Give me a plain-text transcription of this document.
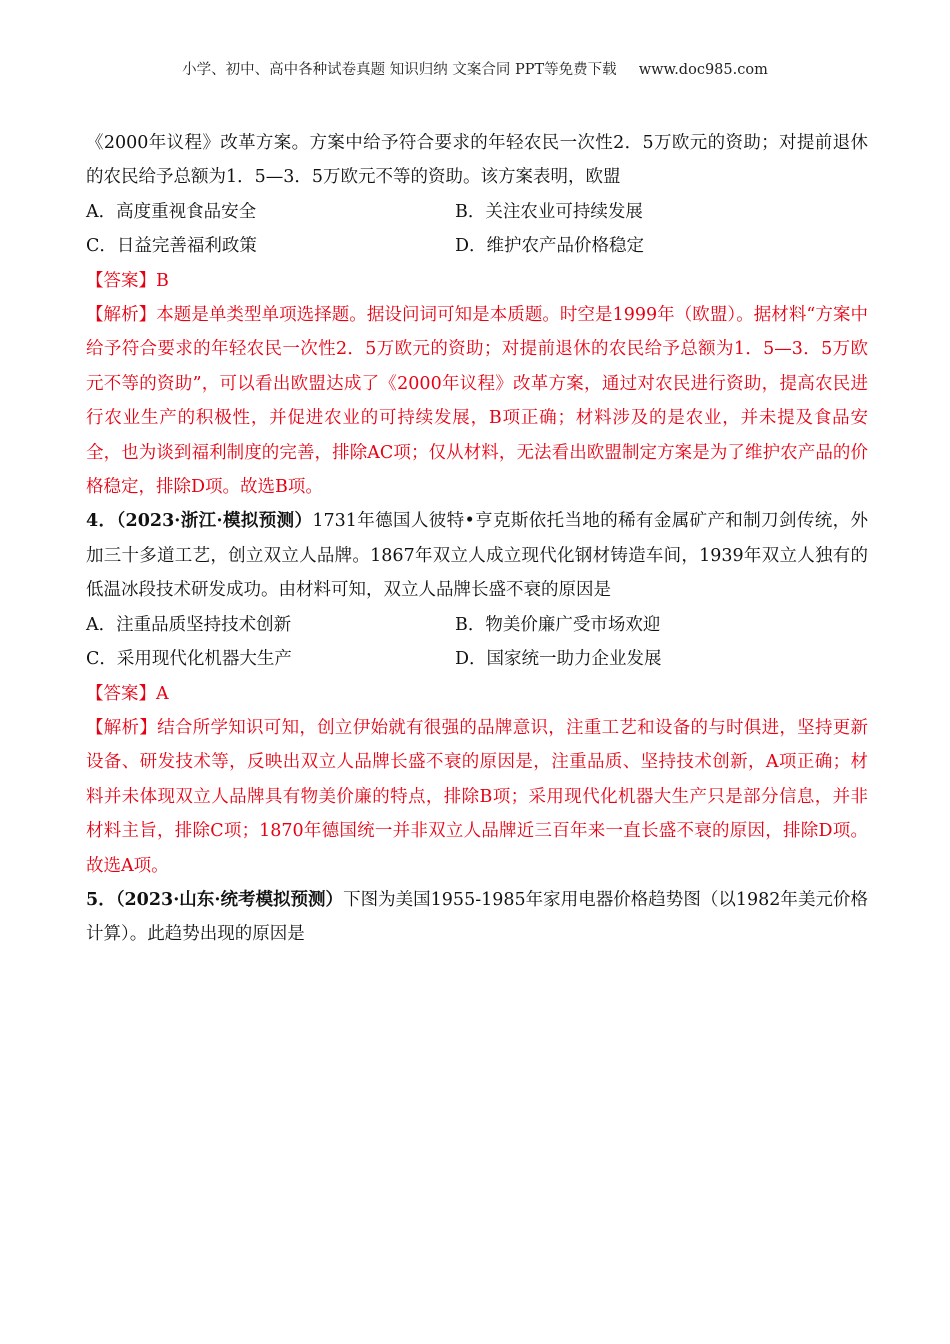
小学、初中、高中各种试卷真题 知识归纳 文案合同 PPT等免费下载 www.doc985.com

《2000年议程》改革方案。方案中给予符合要求的年轻农民一次性2．5万欧元的资助；对提前退休的农民给予总额为1．5—3．5万欧元不等的资助。该方案表明，欧盟

A．高度重视食品安全	B．关注农业可持续发展
C．日益完善福利政策	D．维护农产品价格稳定

【答案】B

【解析】本题是单类型单项选择题。据设问词可知是本质题。时空是1999年（欧盟）。据材料“方案中给予符合要求的年轻农民一次性2．5万欧元的资助；对提前退休的农民给予总额为1．5—3．5万欧元不等的资助”，可以看出欧盟达成了《2000年议程》改革方案，通过对农民进行资助，提高农民进行农业生产的积极性，并促进农业的可持续发展，B项正确；材料涉及的是农业，并未提及食品安全，也为谈到福利制度的完善，排除AC项；仅从材料，无法看出欧盟制定方案是为了维护农产品的价格稳定，排除D项。故选B项。

4．（2023·浙江·模拟预测）1731年德国人彼特•亨克斯依托当地的稀有金属矿产和制刀剑传统，外加三十多道工艺，创立双立人品牌。1867年双立人成立现代化钢材铸造车间，1939年双立人独有的低温冰段技术研发成功。由材料可知，双立人品牌长盛不衰的原因是

A．注重品质坚持技术创新	B．物美价廉广受市场欢迎
C．采用现代化机器大生产	D．国家统一助力企业发展

【答案】A

【解析】结合所学知识可知，创立伊始就有很强的品牌意识，注重工艺和设备的与时俱进，坚持更新设备、研发技术等，反映出双立人品牌长盛不衰的原因是，注重品质、坚持技术创新，A项正确；材料并未体现双立人品牌具有物美价廉的特点，排除B项；采用现代化机器大生产只是部分信息，并非材料主旨，排除C项；1870年德国统一并非双立人品牌近三百年来一直长盛不衰的原因，排除D项。故选A项。

5．（2023·山东·统考模拟预测）下图为美国1955-1985年家用电器价格趋势图（以1982年美元价格计算）。此趋势出现的原因是
